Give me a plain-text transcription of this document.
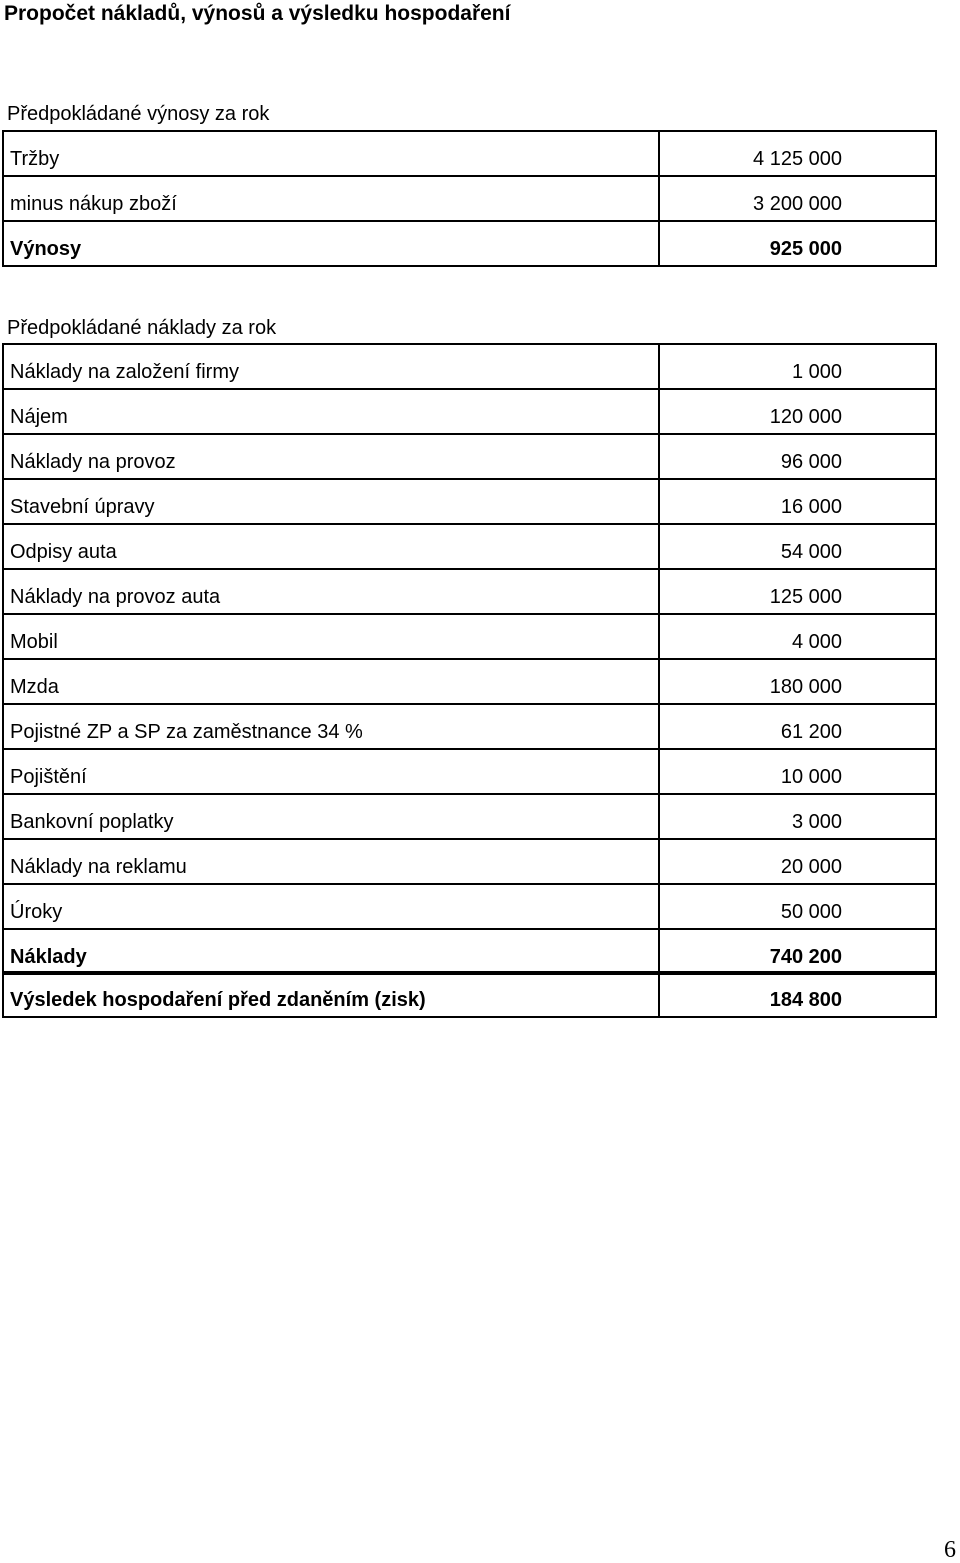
Propočet nákladů, výnosů a výsledku hospodaření
Předpokládané výnosy za rok
Tržby	4 125 000
minus nákup zboží	3 200 000
Výnosy	925 000
Předpokládané náklady za rok
Náklady na založení firmy	1 000
Nájem	120 000
Náklady na provoz	96 000
Stavební úpravy	16 000
Odpisy auta	54 000
Náklady na provoz auta	125 000
Mobil	4 000
Mzda	180 000
Pojistné ZP a SP za zaměstnance 34 %	61 200
Pojištění	10 000
Bankovní poplatky	3 000
Náklady na reklamu	20 000
Úroky	50 000
Náklady	740 200
Výsledek hospodaření před zdaněním (zisk)	184 800
6
